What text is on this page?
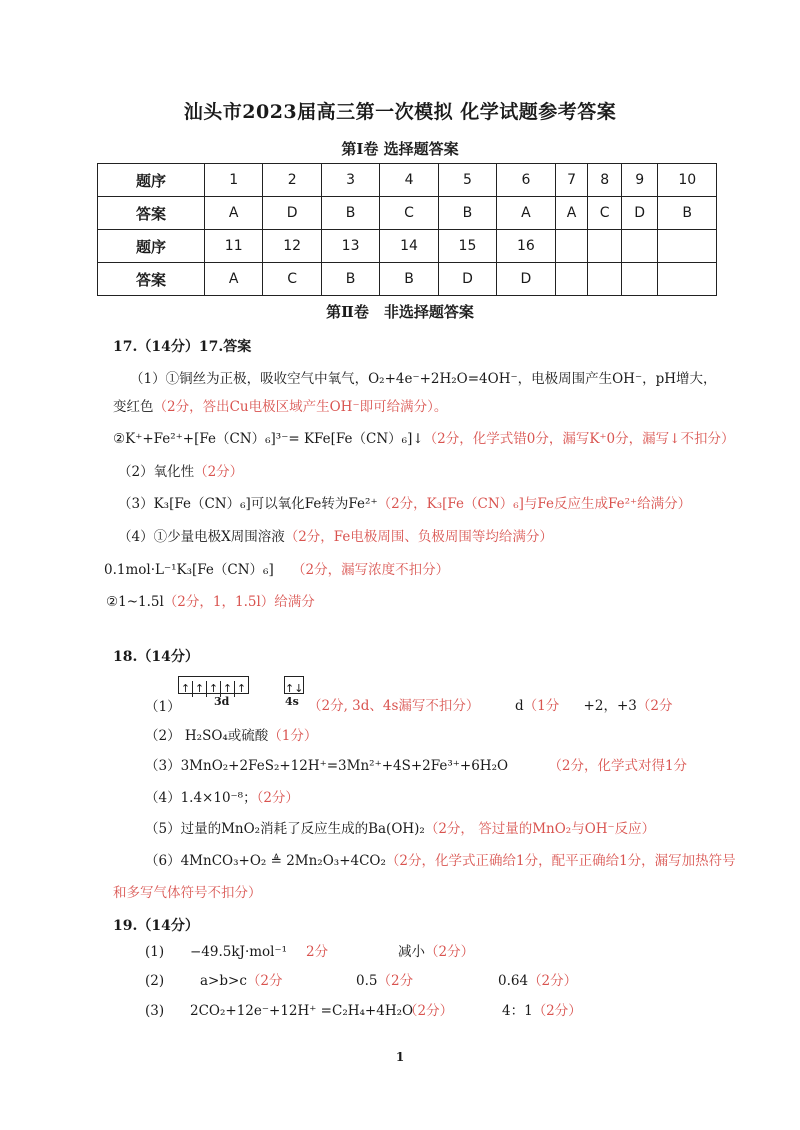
汕头市2023届高三第一次模拟 化学试题参考答案
第Ⅰ卷 选择题答案
题序	1	2	3	4	5	6	7	8	9	10
答案	A	D	B	C	B	A	A	C	D	B
题序	11	12	13	14	15	16				
答案	A	C	B	B	D	D				
第Ⅱ卷　非选择题答案
17.（14分）17.答案
（1）①铜丝为正极，吸收空气中氧气，O₂+4e⁻+2H₂O=4OH⁻，电极周围产生OH⁻，pH增大，
变红色（2分，答出Cu电极区域产生OH⁻即可给满分）。
②K⁺+Fe²⁺+[Fe（CN）₆]³⁻= KFe[Fe（CN）₆]↓（2分，化学式错0分，漏写K⁺0分，漏写↓不扣分）
（2）氧化性（2分）
（3）K₃[Fe（CN）₆]可以氧化Fe转为Fe²⁺（2分，K₃[Fe（CN）₆]与Fe反应生成Fe²⁺给满分）
（4）①少量电极X周围溶液（2分，Fe电极周围、负极周围等均给满分）
0.1mol·L⁻¹K₃[Fe（CN）₆] （2分，漏写浓度不扣分）
②1~1.5l（2分，1，1.5l）给满分
18.（14分）
↑ ↑ ↑ ↑ ↑	↑↓
3d	4s
（1）	（2分, 3d、4s漏写不扣分）	d（1分 +2，+3（2分
（2） H₂SO₄或硫酸（1分）
（3）3MnO₂+2FeS₂+12H⁺=3Mn²⁺+4S+2Fe³⁺+6H₂O	（2分，化学式对得1分
（4）1.4×10⁻⁸；（2分）
（5）过量的MnO₂消耗了反应生成的Ba(OH)₂（2分， 答过量的MnO₂与OH⁻反应）
（6）4MnCO₃+O₂ ≜ 2Mn₂O₃+4CO₂（2分，化学式正确给1分，配平正确给1分，漏写加热符号
和多写气体符号不扣分）
19.（14分）
(1) −49.5kJ·mol⁻¹ 2分	减小（2分）
(2)	a>b>c（2分	0.5（2分	0.64（2分）
(3) 2CO₂+12e⁻+12H⁺ =C₂H₄+4H₂O
（2分）	4：1（2分）
1
